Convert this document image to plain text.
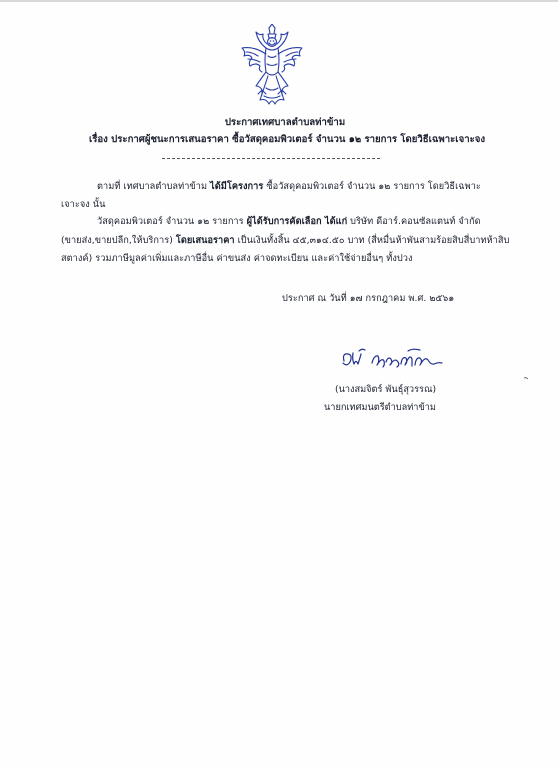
ประกาศเทศบาลตำบลท่าข้าม
เรื่อง ประกาศผู้ชนะการเสนอราคา ซื้อวัสดุคอมพิวเตอร์ จำนวน ๑๒ รายการ โดยวิธีเฉพาะเจาะจง
ตามที่ เทศบาลตำบลท่าข้าม ได้มีโครงการ ซื้อวัสดุคอมพิวเตอร์ จำนวน ๑๒ รายการ โดยวิธีเฉพาะ
เจาะจง นั้น
วัสดุคอมพิวเตอร์ จำนวน ๑๒ รายการ ผู้ได้รับการคัดเลือก ได้แก่ บริษัท ดีอาร์.คอนซัลแตนท์ จำกัด
(ขายส่ง,ขายปลีก,ให้บริการ) โดยเสนอราคา เป็นเงินทั้งสิ้น ๔๕,๓๑๔.๕๐ บาท (สี่หมื่นห้าพันสามร้อยสิบสี่บาทห้าสิบ
สตางค์) รวมภาษีมูลค่าเพิ่มและภาษีอื่น ค่าขนส่ง ค่าจดทะเบียน และค่าใช้จ่ายอื่นๆ ทั้งปวง
ประกาศ ณ วันที่ ๑๗ กรกฎาคม พ.ศ. ๒๕๖๑
(นางสมจิตร์ พันธุ์สุวรรณ)
นายกเทศมนตรีตำบลท่าข้าม
